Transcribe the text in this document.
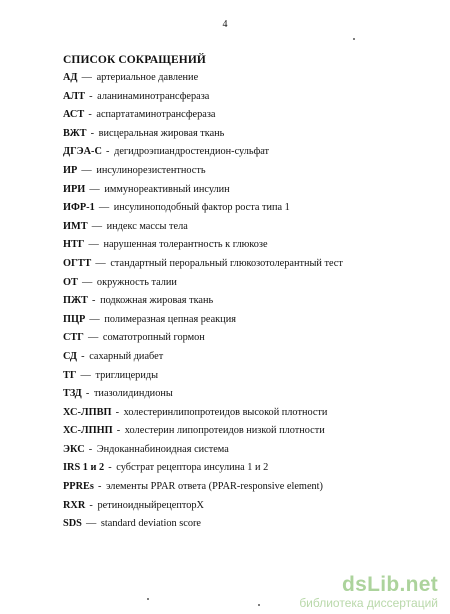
4
СПИСОК СОКРАЩЕНИЙ
АД — артериальное давление
АЛТ - аланинаминотрансфераза
АСТ - аспартатаминотрансфераза
ВЖТ - висцеральная жировая ткань
ДГЭА-С - дегидроэпиандростендион-сульфат
ИР — инсулинорезистентность
ИРИ — иммунореактивный инсулин
ИФР-1 — инсулиноподобный фактор роста типа 1
ИМТ — индекс массы тела
НТГ — нарушенная толерантность к глюкозе
ОГТТ — стандартный пероральный глюкозотолерантный тест
ОТ — окружность талии
ПЖТ - подкожная жировая ткань
ПЦР — полимеразная цепная реакция
СТГ — соматотропный гормон
СД - сахарный диабет
ТГ — триглицериды
ТЗД - тиазолидиндионы
ХС-ЛПВП - холестеринлипопротеидов высокой плотности
ХС-ЛПНП - холестерин липопротеидов низкой плотности
ЭКС - Эндоканнабиноидная система
IRS 1 и 2 - субстрат рецептора инсулина 1 и 2
PPREs - элементы PPAR ответа (PPAR-responsive element)
RXR - ретиноидныйрецепторX
SDS — standard deviation score
dsLib.net
библиотека диссертаций
